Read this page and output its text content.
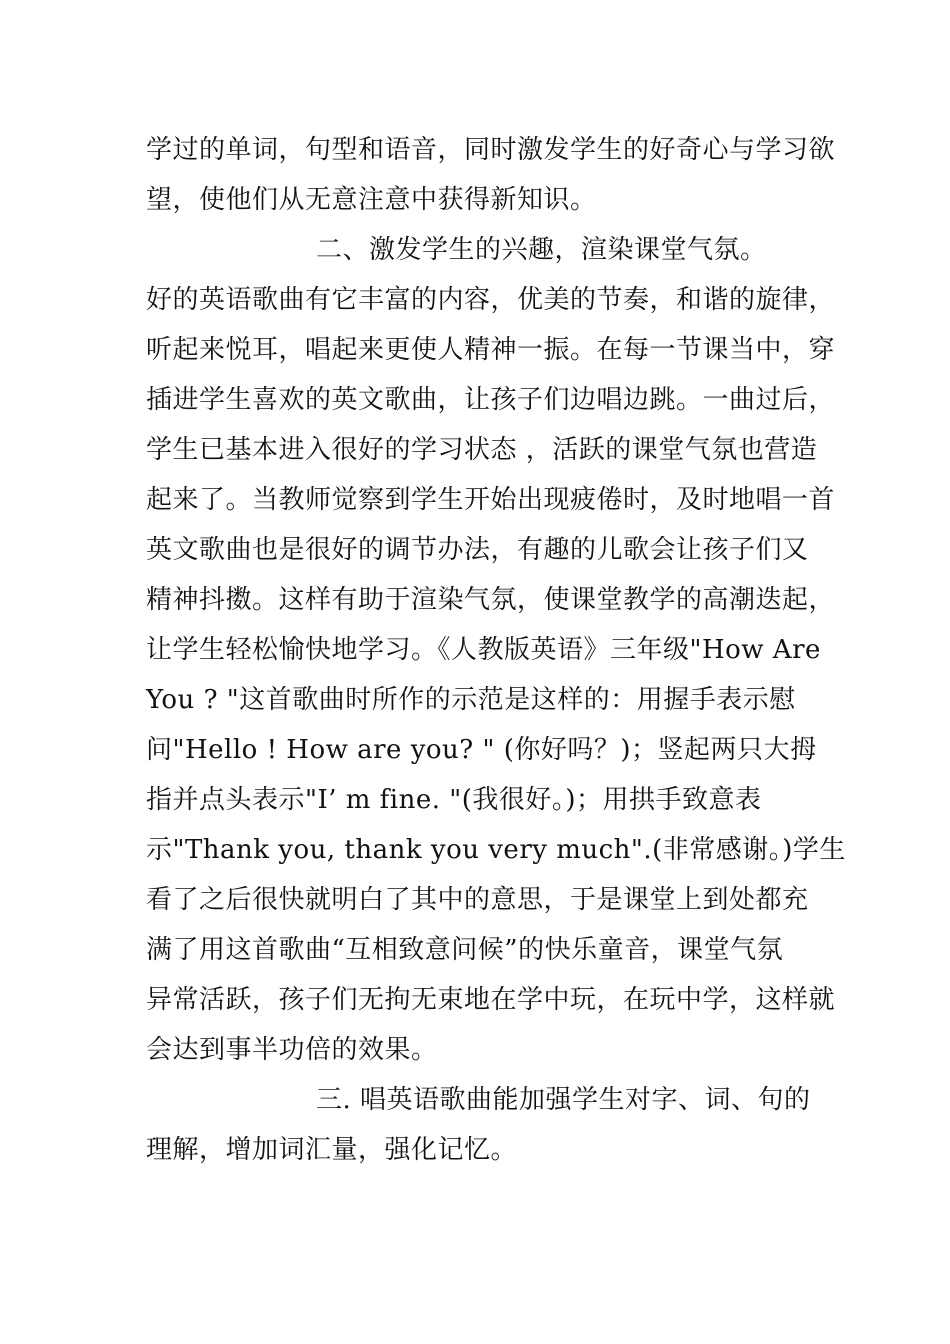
学过的单词，句型和语音，同时激发学生的好奇心与学习欲
望，使他们从无意注意中获得新知识。
二、激发学生的兴趣，渲染课堂气氛。
好的英语歌曲有它丰富的内容，优美的节奏，和谐的旋律，
听起来悦耳，唱起来更使人精神一振。在每一节课当中，穿
插进学生喜欢的英文歌曲，让孩子们边唱边跳。一曲过后，
学生已基本进入很好的学习状态 ，活跃的课堂气氛也营造
起来了。当教师觉察到学生开始出现疲倦时，及时地唱一首
英文歌曲也是很好的调节办法，有趣的儿歌会让孩子们又
精神抖擞。这样有助于渲染气氛，使课堂教学的高潮迭起，
让学生轻松愉快地学习。《人教版英语》三年级"How Are
You ? "这首歌曲时所作的示范是这样的：用握手表示慰
问"Hello ! How are you? " (你好吗？)；竖起两只大拇
指并点头表示"I’ m fine. "(我很好。)；用拱手致意表
示"Thank you, thank you very much".(非常感谢。)学生
看了之后很快就明白了其中的意思，于是课堂上到处都充
满了用这首歌曲“互相致意问候”的快乐童音，课堂气氛
异常活跃，孩子们无拘无束地在学中玩，在玩中学，这样就
会达到事半功倍的效果。
三. 唱英语歌曲能加强学生对字、词、句的
理解，增加词汇量，强化记忆。
